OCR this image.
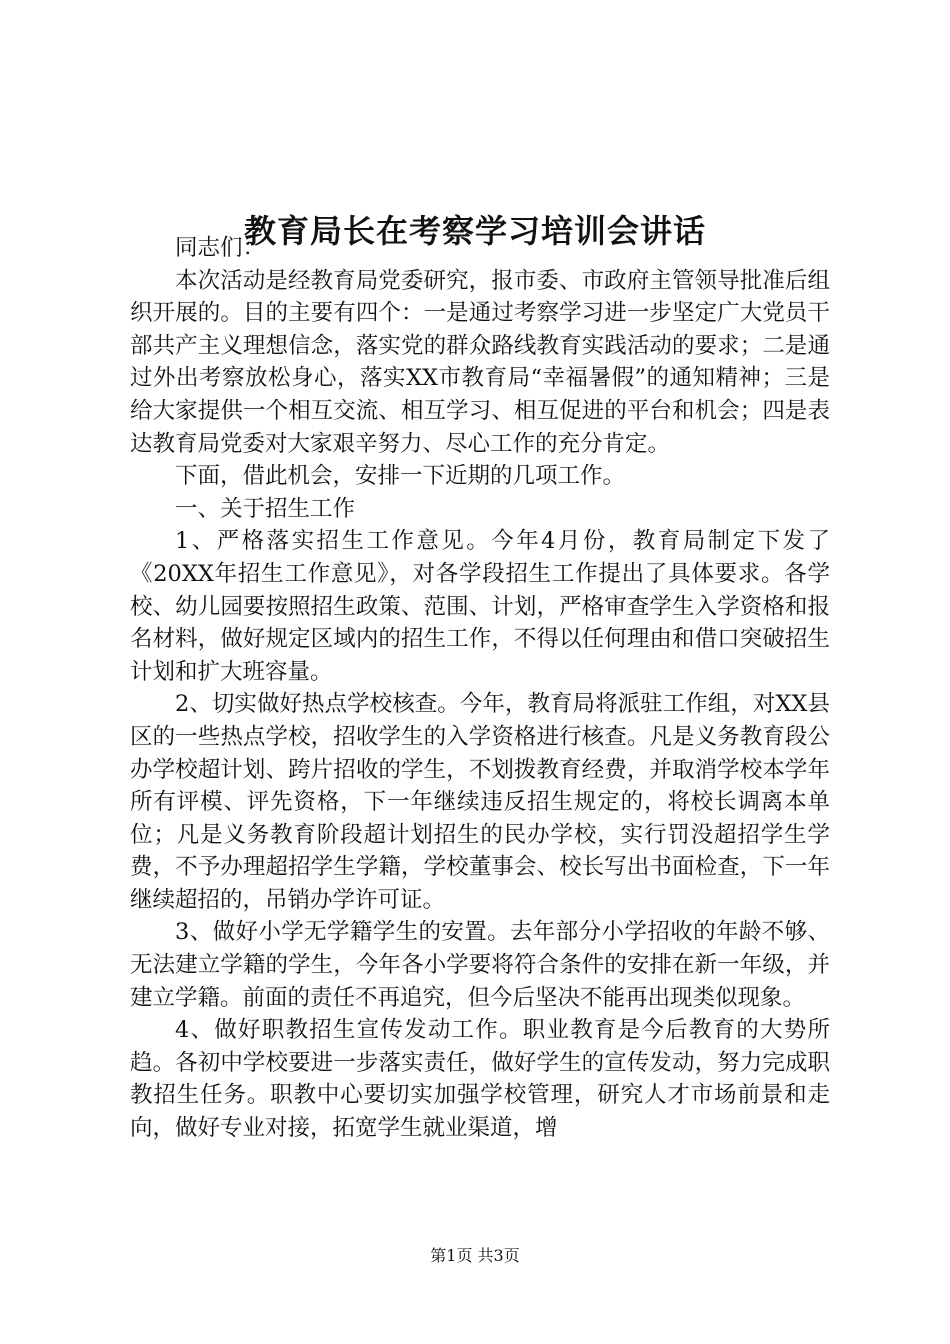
教育局长在考察学习培训会讲话

同志们：

本次活动是经教育局党委研究，报市委、市政府主管领导批准后组织开展的。目的主要有四个：一是通过考察学习进一步坚定广大党员干部共产主义理想信念，落实党的群众路线教育实践活动的要求；二是通过外出考察放松身心，落实XX市教育局“幸福暑假”的通知精神；三是给大家提供一个相互交流、相互学习、相互促进的平台和机会；四是表达教育局党委对大家艰辛努力、尽心工作的充分肯定。

下面，借此机会，安排一下近期的几项工作。

一、关于招生工作

1、严格落实招生工作意见。今年4月份，教育局制定下发了《20XX年招生工作意见》，对各学段招生工作提出了具体要求。各学校、幼儿园要按照招生政策、范围、计划，严格审查学生入学资格和报名材料，做好规定区域内的招生工作，不得以任何理由和借口突破招生计划和扩大班容量。

2、切实做好热点学校核查。今年，教育局将派驻工作组，对XX县区的一些热点学校，招收学生的入学资格进行核查。凡是义务教育段公办学校超计划、跨片招收的学生，不划拨教育经费，并取消学校本学年所有评模、评先资格，下一年继续违反招生规定的，将校长调离本单位；凡是义务教育阶段超计划招生的民办学校，实行罚没超招学生学费，不予办理超招学生学籍，学校董事会、校长写出书面检查，下一年继续超招的，吊销办学许可证。

3、做好小学无学籍学生的安置。去年部分小学招收的年龄不够、无法建立学籍的学生，今年各小学要将符合条件的安排在新一年级，并建立学籍。前面的责任不再追究，但今后坚决不能再出现类似现象。

4、做好职教招生宣传发动工作。职业教育是今后教育的大势所趋。各初中学校要进一步落实责任，做好学生的宣传发动，努力完成职教招生任务。职教中心要切实加强学校管理，研究人才市场前景和走向，做好专业对接，拓宽学生就业渠道，增

第1页 共3页
